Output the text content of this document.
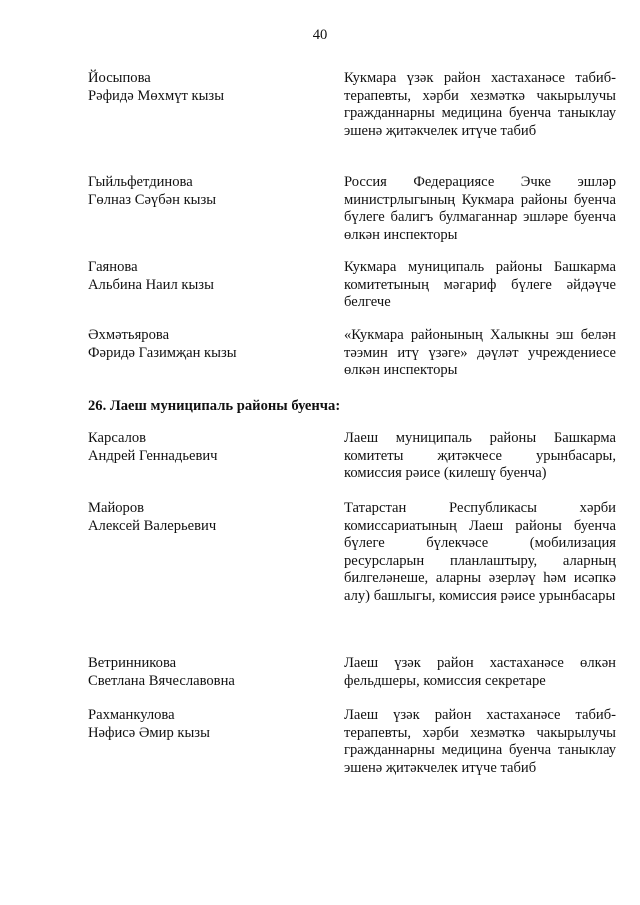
40
Йосыпова
Рәфидә Мөхмүт кызы
Кукмара үзәк район хастаханәсе табиб-терапевты, хәрби хезмәткә чакырылучы гражданнарны медицина буенча таныклау эшенә җитәкчелек итүче табиб
Гыйльфетдинова
Гөлназ Сәүбән кызы
Россия Федерациясе Эчке эшләр министрлыгының Кукмара районы буенча бүлеге балигъ булмаганнар эшләре буенча өлкән инспекторы
Гаянова
Альбина Наил кызы
Кукмара муниципаль районы Башкарма комитетының мәгариф бүлеге әйдәүче белгече
Әхмәтьярова
Фәридә Газимҗан кызы
«Кукмара районының Халыкны эш белән тәэмин итү үзәге» дәүләт учреждениесе өлкән инспекторы
26. Лаеш муниципаль районы буенча:
Карсалов
Андрей Геннадьевич
Лаеш муниципаль районы Башкарма комитеты җитәкчесе урынбасары, комиссия рәисе (килешү буенча)
Майоров
Алексей Валерьевич
Татарстан Республикасы хәрби комиссариатының Лаеш районы буенча бүлеге бүлекчәсе (мобилизация ресурсларын планлаштыру, аларның билгеләнешe, аларны әзерләү һәм исәпкә алу) башлыгы, комиссия рәисе урынбасары
Ветринникова
Светлана Вячеславовна
Лаеш үзәк район хастаханәсе өлкән фельдшеры, комиссия секретаре
Рахманкулова
Нәфисә Әмир кызы
Лаеш үзәк район хастаханәсе табиб-терапевты, хәрби хезмәткә чакырылучы гражданнарны медицина буенча таныклау эшенә җитәкчелек итүче табиб
